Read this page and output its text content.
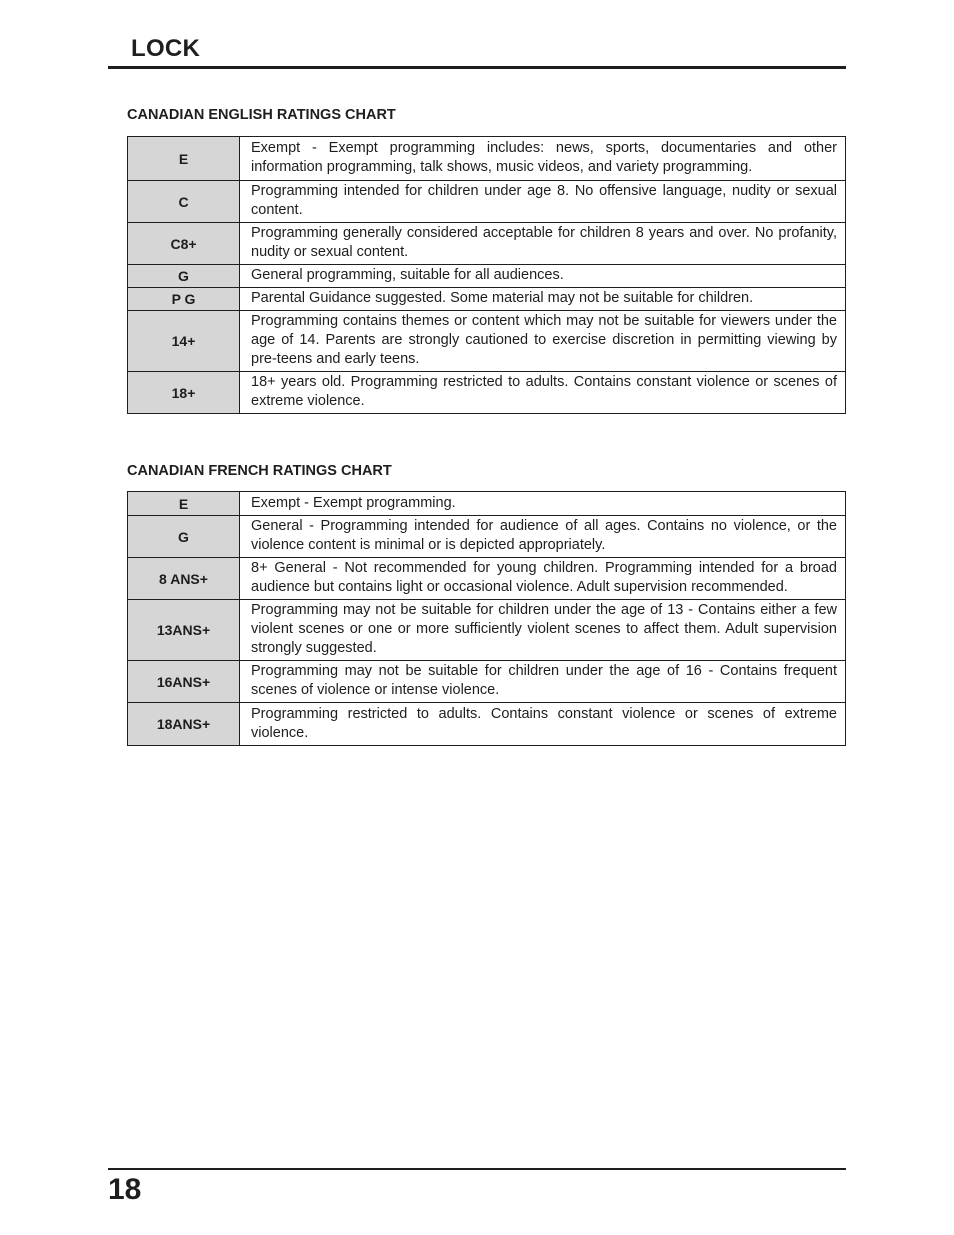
LOCK
CANADIAN ENGLISH RATINGS CHART
E	Exempt - Exempt programming includes: news, sports, documentaries and other information programming, talk shows, music videos, and variety programming.
C	Programming intended for children under age 8. No offensive language, nudity or sexual content.
C8+	Programming generally considered acceptable for children 8 years and over. No profanity, nudity or sexual content.
G	General programming, suitable for all audiences.
P G	Parental Guidance suggested. Some material may not be suitable for children.
14+	Programming contains themes or content which may not be suitable for viewers under the age of 14. Parents are strongly cautioned to exercise discretion in permitting viewing by pre-teens and early teens.
18+	18+ years old. Programming restricted to adults. Contains constant violence or scenes of extreme violence.
CANADIAN FRENCH RATINGS CHART
E	Exempt - Exempt programming.
G	General - Programming intended for audience of all ages. Contains no violence, or the violence content is minimal or is depicted appropriately.
8 ANS+	8+ General - Not recommended for young children. Programming intended for a broad audience but contains light or occasional violence. Adult supervision recommended.
13ANS+	Programming may not be suitable for children under the age of 13 - Contains either a few violent scenes or one or more sufficiently violent scenes to affect them. Adult supervision strongly suggested.
16ANS+	Programming may not be suitable for children under the age of 16 - Contains frequent scenes of violence or intense violence.
18ANS+	Programming restricted to adults. Contains constant violence or scenes of extreme violence.
18
